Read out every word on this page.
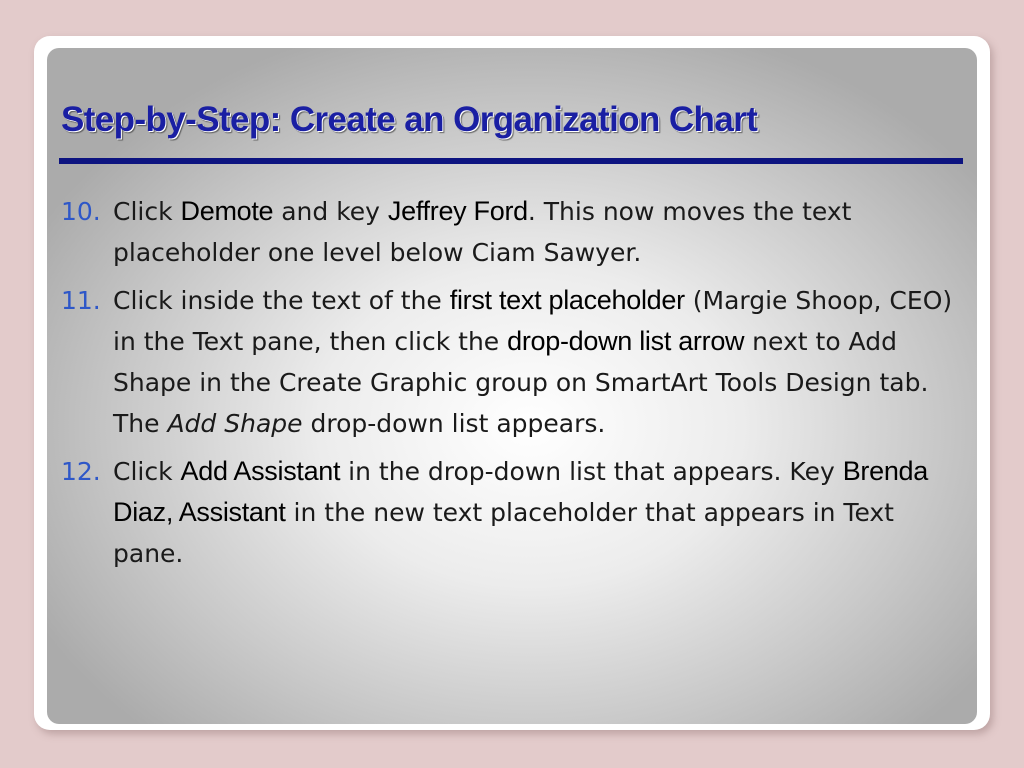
Step-by-Step: Create an Organization Chart
10. Click Demote and key Jeffrey Ford. This now moves the text placeholder one level below Ciam Sawyer.
11. Click inside the text of the first text placeholder (Margie Shoop, CEO) in the Text pane, then click the drop-down list arrow next to Add Shape in the Create Graphic group on SmartArt Tools Design tab. The Add Shape drop-down list appears.
12. Click Add Assistant in the drop-down list that appears. Key Brenda Diaz, Assistant in the new text placeholder that appears in Text pane.
